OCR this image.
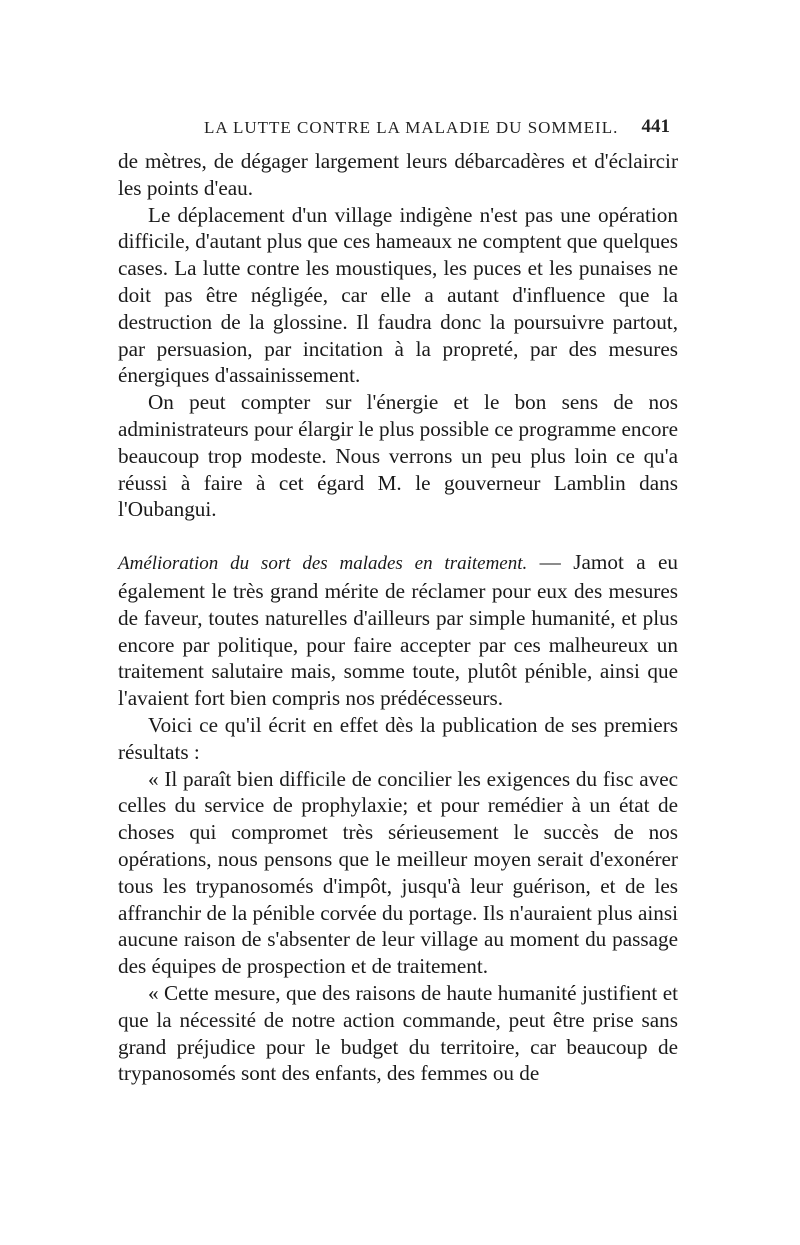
LA LUTTE CONTRE LA MALADIE DU SOMMEIL. 441

de mètres, de dégager largement leurs débarcadères et d'éclaircir les points d'eau.

Le déplacement d'un village indigène n'est pas une opération difficile, d'autant plus que ces hameaux ne comptent que quelques cases. La lutte contre les moustiques, les puces et les punaises ne doit pas être négligée, car elle a autant d'influence que la destruction de la glossine. Il faudra donc la poursuivre partout, par persuasion, par incitation à la propreté, par des mesures énergiques d'assainissement.

On peut compter sur l'énergie et le bon sens de nos administrateurs pour élargir le plus possible ce programme encore beaucoup trop modeste. Nous verrons un peu plus loin ce qu'a réussi à faire à cet égard M. le gouverneur Lamblin dans l'Oubangui.

Amélioration du sort des malades en traitement. — Jamot a eu également le très grand mérite de réclamer pour eux des mesures de faveur, toutes naturelles d'ailleurs par simple humanité, et plus encore par politique, pour faire accepter par ces malheureux un traitement salutaire mais, somme toute, plutôt pénible, ainsi que l'avaient fort bien compris nos prédécesseurs.

Voici ce qu'il écrit en effet dès la publication de ses premiers résultats :

« Il paraît bien difficile de concilier les exigences du fisc avec celles du service de prophylaxie; et pour remédier à un état de choses qui compromet très sérieusement le succès de nos opérations, nous pensons que le meilleur moyen serait d'exonérer tous les trypanosomés d'impôt, jusqu'à leur guérison, et de les affranchir de la pénible corvée du portage. Ils n'auraient plus ainsi aucune raison de s'absenter de leur village au moment du passage des équipes de prospection et de traitement.

« Cette mesure, que des raisons de haute humanité justifient et que la nécessité de notre action commande, peut être prise sans grand préjudice pour le budget du territoire, car beaucoup de trypanosomés sont des enfants, des femmes ou de
